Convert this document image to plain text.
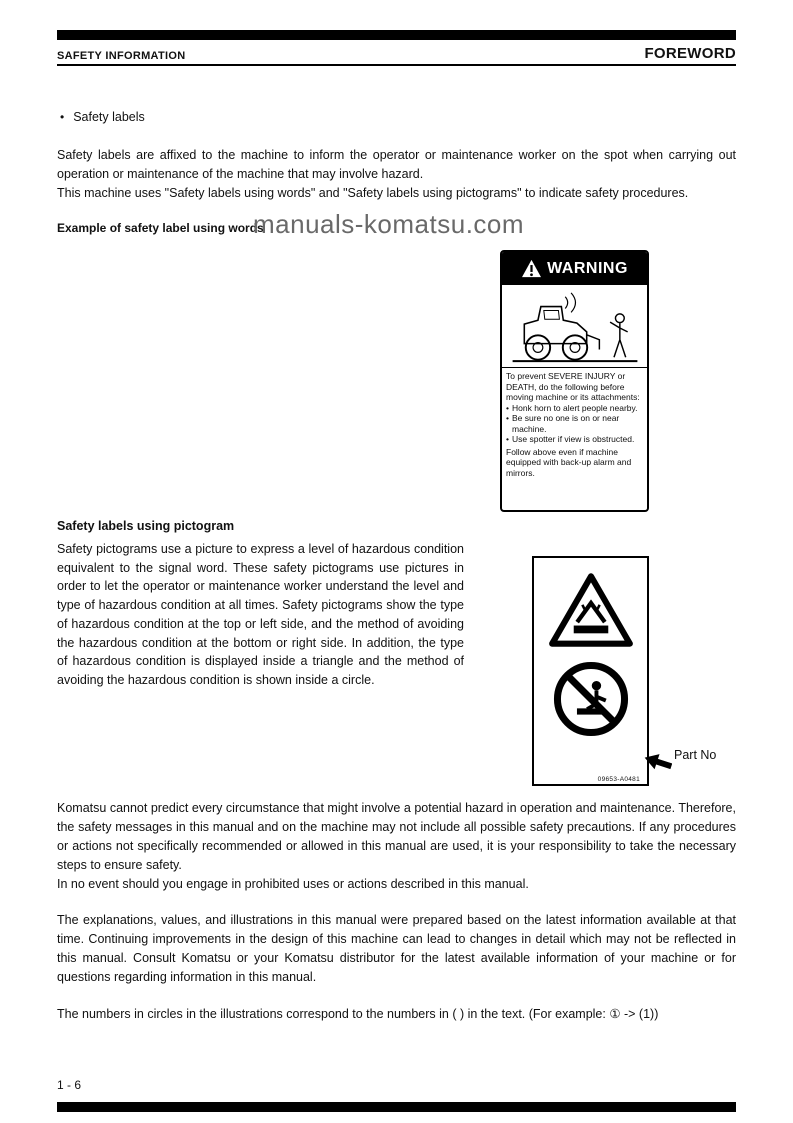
SAFETY INFORMATION	FOREWORD
• Safety labels

Safety labels are affixed to the machine to inform the operator or maintenance worker on the spot when carrying out operation or maintenance of the machine that may involve hazard.

This machine uses "Safety labels using words" and "Safety labels using pictograms" to indicate safety procedures.

Example of safety label using words
manuals-komatsu.com
WARNING
To prevent SEVERE INJURY or DEATH, do the following before moving machine or its attachments:
• Honk horn to alert people nearby.
• Be sure no one is on or near machine.
• Use spotter if view is obstructed.
Follow above even if machine equipped with back-up alarm and mirrors.
Safety labels using pictogram
Safety pictograms use a picture to express a level of hazardous condition equivalent to the signal word. These safety pictograms use pictures in order to let the operator or maintenance worker understand the level and type of hazardous condition at all times. Safety pictograms show the type of hazardous condition at the top or left side, and the method of avoiding the hazardous condition at the bottom or right side. In addition, the type of hazardous condition is displayed inside a triangle and the method of avoiding the hazardous condition is shown inside a circle.
09653-A0481
Part No

Komatsu cannot predict every circumstance that might involve a potential hazard in operation and maintenance. Therefore, the safety messages in this manual and on the machine may not include all possible safety precautions. If any procedures or actions not specifically recommended or allowed in this manual are used, it is your responsibility to take the necessary steps to ensure safety.

In no event should you engage in prohibited uses or actions described in this manual.

The explanations, values, and illustrations in this manual were prepared based on the latest information available at that time. Continuing improvements in the design of this machine can lead to changes in detail which may not be reflected in this manual. Consult Komatsu or your Komatsu distributor for the latest available information of your machine or for questions regarding information in this manual.
The numbers in circles in the illustrations correspond to the numbers in ( ) in the text. (For example: ① -> (1))
1 - 6
